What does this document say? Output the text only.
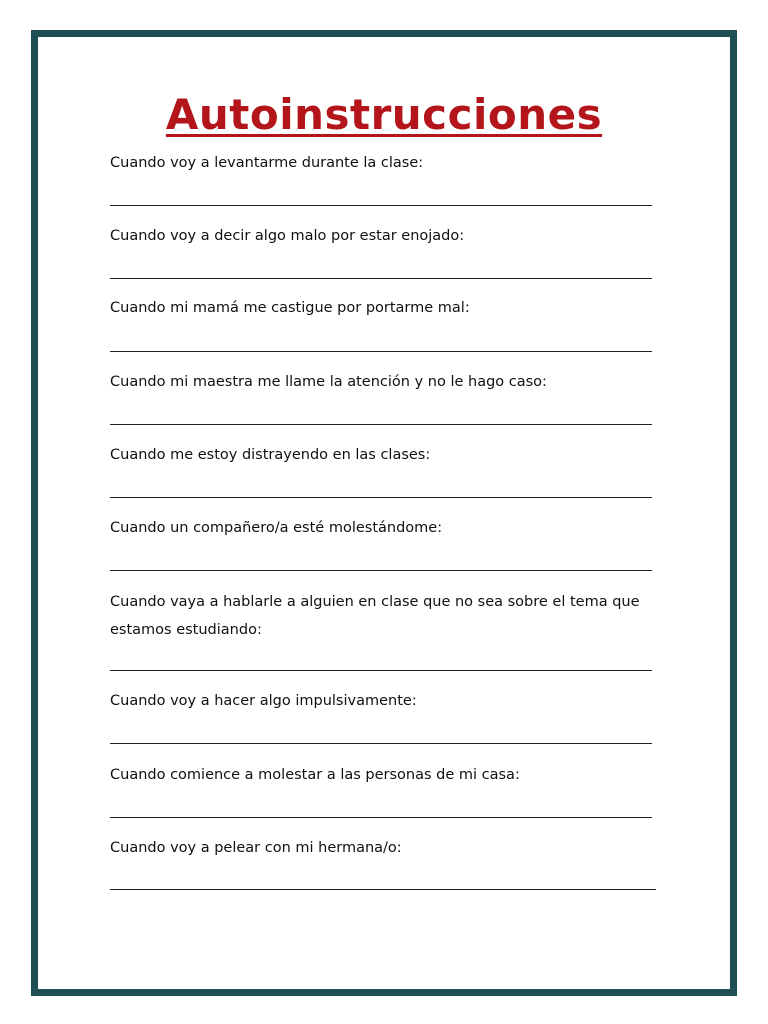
Autoinstrucciones

Cuando voy a levantarme durante la clase:

Cuando voy a decir algo malo por estar enojado:

Cuando mi mamá me castigue por portarme mal:

Cuando mi maestra me llame la atención y no le hago caso:

Cuando me estoy distrayendo en las clases:

Cuando un compañero/a esté molestándome:

Cuando vaya a hablarle a alguien en clase que no sea sobre el tema que estamos estudiando:

Cuando voy a hacer algo impulsivamente:

Cuando comience a molestar a las personas de mi casa:

Cuando voy a pelear con mi hermana/o:
